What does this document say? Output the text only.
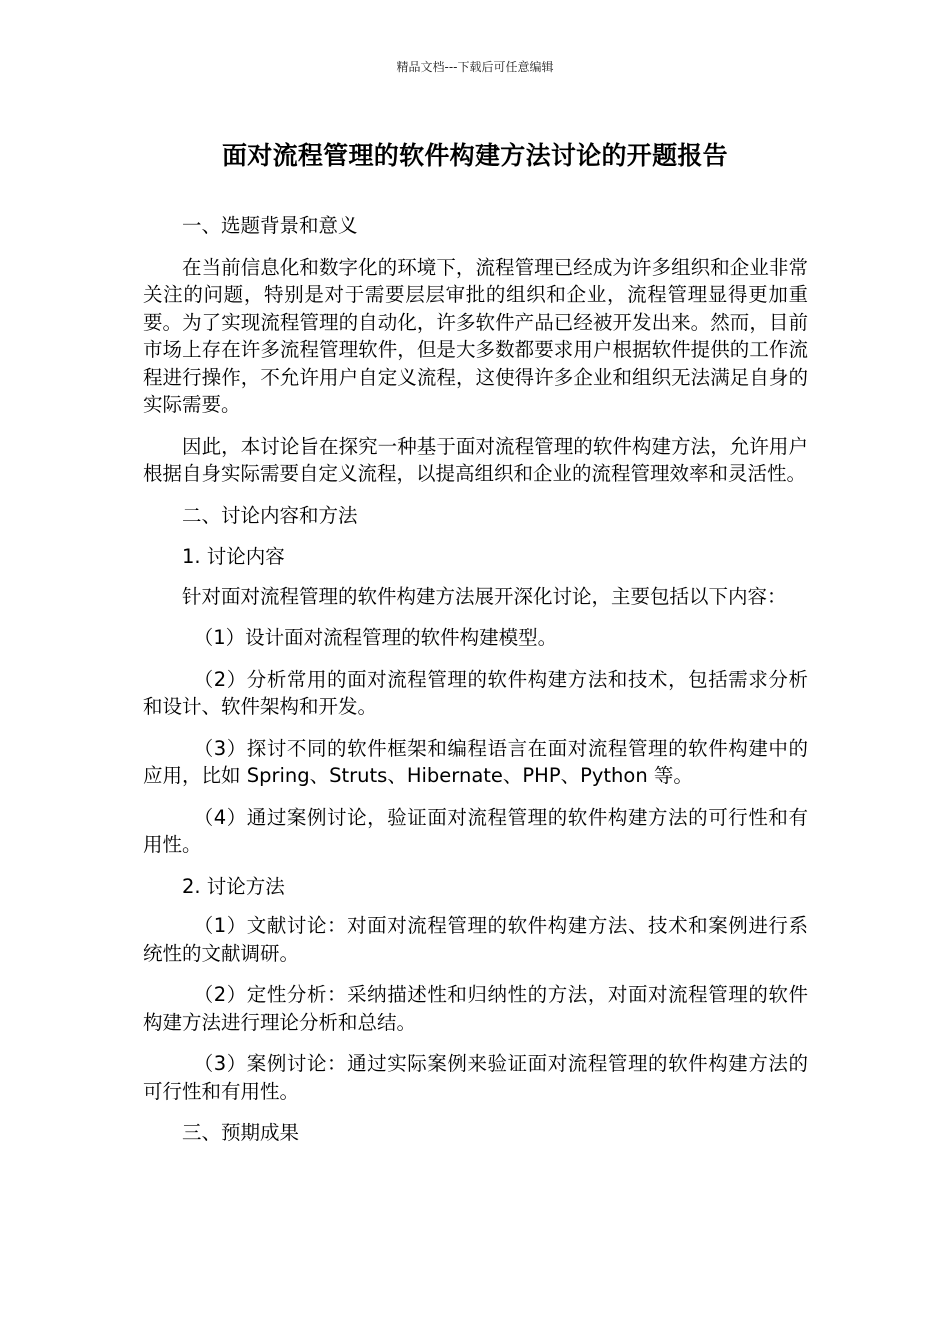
精品文档---下载后可任意编辑
面对流程管理的软件构建方法讨论的开题报告

一、选题背景和意义

在当前信息化和数字化的环境下，流程管理已经成为许多组织和企业非常关注的问题，特别是对于需要层层审批的组织和企业，流程管理显得更加重要。为了实现流程管理的自动化，许多软件产品已经被开发出来。然而，目前市场上存在许多流程管理软件，但是大多数都要求用户根据软件提供的工作流程进行操作，不允许用户自定义流程，这使得许多企业和组织无法满足自身的实际需要。

因此，本讨论旨在探究一种基于面对流程管理的软件构建方法，允许用户根据自身实际需要自定义流程，以提高组织和企业的流程管理效率和灵活性。

二、讨论内容和方法

1. 讨论内容

针对面对流程管理的软件构建方法展开深化讨论，主要包括以下内容：

（1）设计面对流程管理的软件构建模型。

（2）分析常用的面对流程管理的软件构建方法和技术，包括需求分析和设计、软件架构和开发。

（3）探讨不同的软件框架和编程语言在面对流程管理的软件构建中的应用，比如 Spring、Struts、Hibernate、PHP、Python 等。

（4）通过案例讨论，验证面对流程管理的软件构建方法的可行性和有用性。

2. 讨论方法

（1）文献讨论：对面对流程管理的软件构建方法、技术和案例进行系统性的文献调研。

（2）定性分析：采纳描述性和归纳性的方法，对面对流程管理的软件构建方法进行理论分析和总结。

（3）案例讨论：通过实际案例来验证面对流程管理的软件构建方法的可行性和有用性。

三、预期成果
